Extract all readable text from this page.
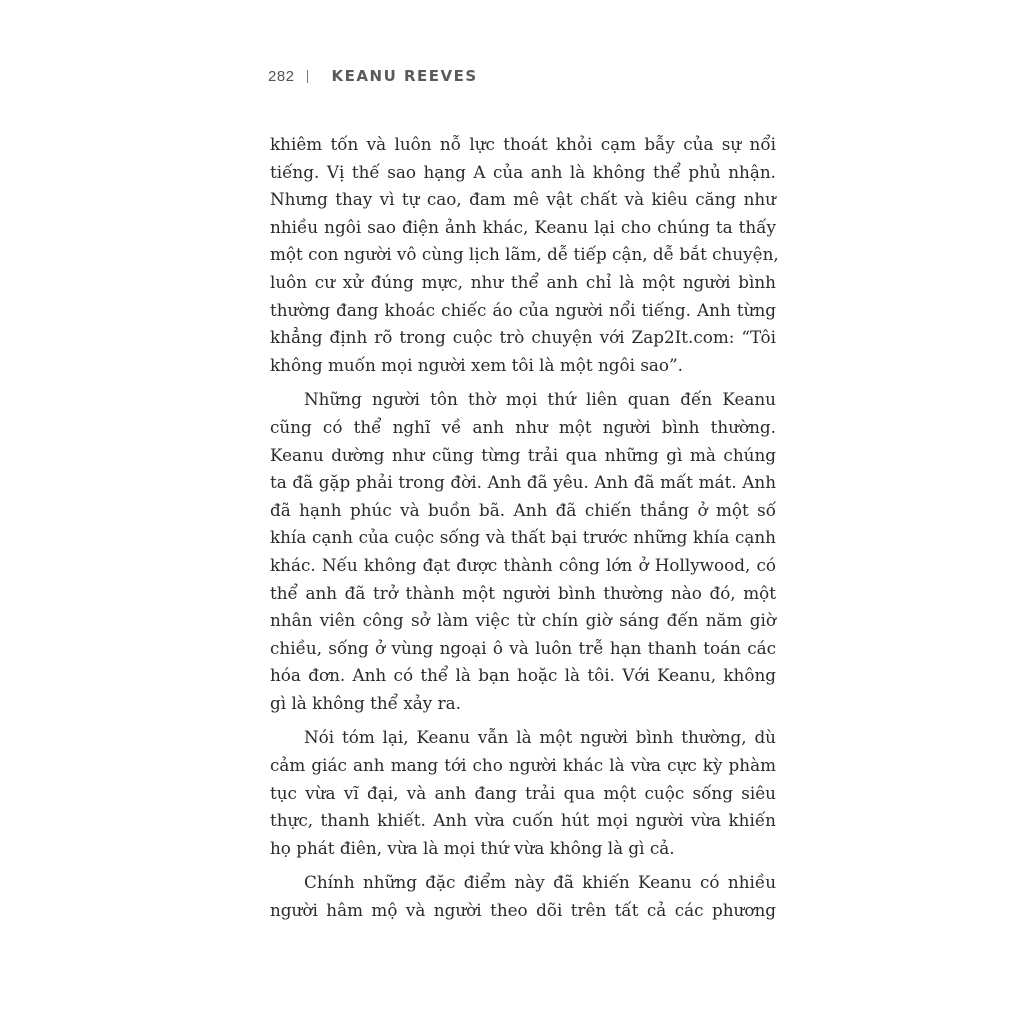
282 KEANU REEVES
khiêm tốn và luôn nỗ lực thoát khỏi cạm bẫy của sự nổi
tiếng. Vị thế sao hạng A của anh là không thể phủ nhận.
Nhưng thay vì tự cao, đam mê vật chất và kiêu căng như
nhiều ngôi sao điện ảnh khác, Keanu lại cho chúng ta thấy
một con người vô cùng lịch lãm, dễ tiếp cận, dễ bắt chuyện,
luôn cư xử đúng mực, như thể anh chỉ là một người bình
thường đang khoác chiếc áo của người nổi tiếng. Anh từng
khẳng định rõ trong cuộc trò chuyện với Zap2It.com: “Tôi
không muốn mọi người xem tôi là một ngôi sao”.
Những người tôn thờ mọi thứ liên quan đến Keanu
cũng có thể nghĩ về anh như một người bình thường.
Keanu dường như cũng từng trải qua những gì mà chúng
ta đã gặp phải trong đời. Anh đã yêu. Anh đã mất mát. Anh
đã hạnh phúc và buồn bã. Anh đã chiến thắng ở một số
khía cạnh của cuộc sống và thất bại trước những khía cạnh
khác. Nếu không đạt được thành công lớn ở Hollywood, có
thể anh đã trở thành một người bình thường nào đó, một
nhân viên công sở làm việc từ chín giờ sáng đến năm giờ
chiều, sống ở vùng ngoại ô và luôn trễ hạn thanh toán các
hóa đơn. Anh có thể là bạn hoặc là tôi. Với Keanu, không
gì là không thể xảy ra.
Nói tóm lại, Keanu vẫn là một người bình thường, dù
cảm giác anh mang tới cho người khác là vừa cực kỳ phàm
tục vừa vĩ đại, và anh đang trải qua một cuộc sống siêu
thực, thanh khiết. Anh vừa cuốn hút mọi người vừa khiến
họ phát điên, vừa là mọi thứ vừa không là gì cả.
Chính những đặc điểm này đã khiến Keanu có nhiều
người hâm mộ và người theo dõi trên tất cả các phương
